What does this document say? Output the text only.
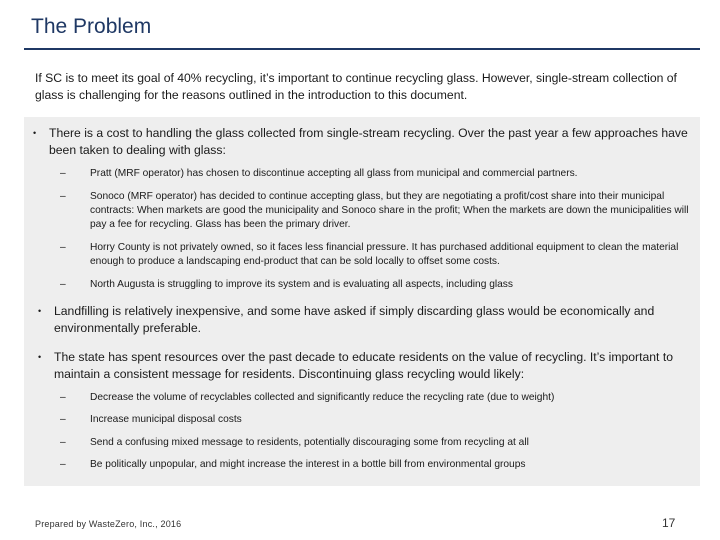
The Problem
If SC is to meet its goal of 40% recycling, it’s important to continue recycling glass. However, single-stream collection of glass is challenging for the reasons outlined in the introduction to this document.
• There is a cost to handling the glass collected from single-stream recycling. Over the past year a few approaches have been taken to dealing with glass:
– Pratt (MRF operator) has chosen to discontinue accepting all glass from municipal and commercial partners.
– Sonoco (MRF operator) has decided to continue accepting glass, but they are negotiating a profit/cost share into their municipal contracts: When markets are good the municipality and Sonoco share in the profit; When the markets are down the municipalities will pay a fee for recycling. Glass has been the primary driver.
– Horry County is not privately owned, so it faces less financial pressure. It has purchased additional equipment to clean the material enough to produce a landscaping end-product that can be sold locally to offset some costs.
– North Augusta is struggling to improve its system and is evaluating all aspects, including glass
• Landfilling is relatively inexpensive, and some have asked if simply discarding glass would be economically and environmentally preferable.
• The state has spent resources over the past decade to educate residents on the value of recycling. It’s important to maintain a consistent message for residents. Discontinuing glass recycling would likely:
– Decrease the volume of recyclables collected and significantly reduce the recycling rate (due to weight)
– Increase municipal disposal costs
– Send a confusing mixed message to residents, potentially discouraging some from recycling at all
– Be politically unpopular, and might increase the interest in a bottle bill from environmental groups
Prepared by WasteZero, Inc., 2016	17
